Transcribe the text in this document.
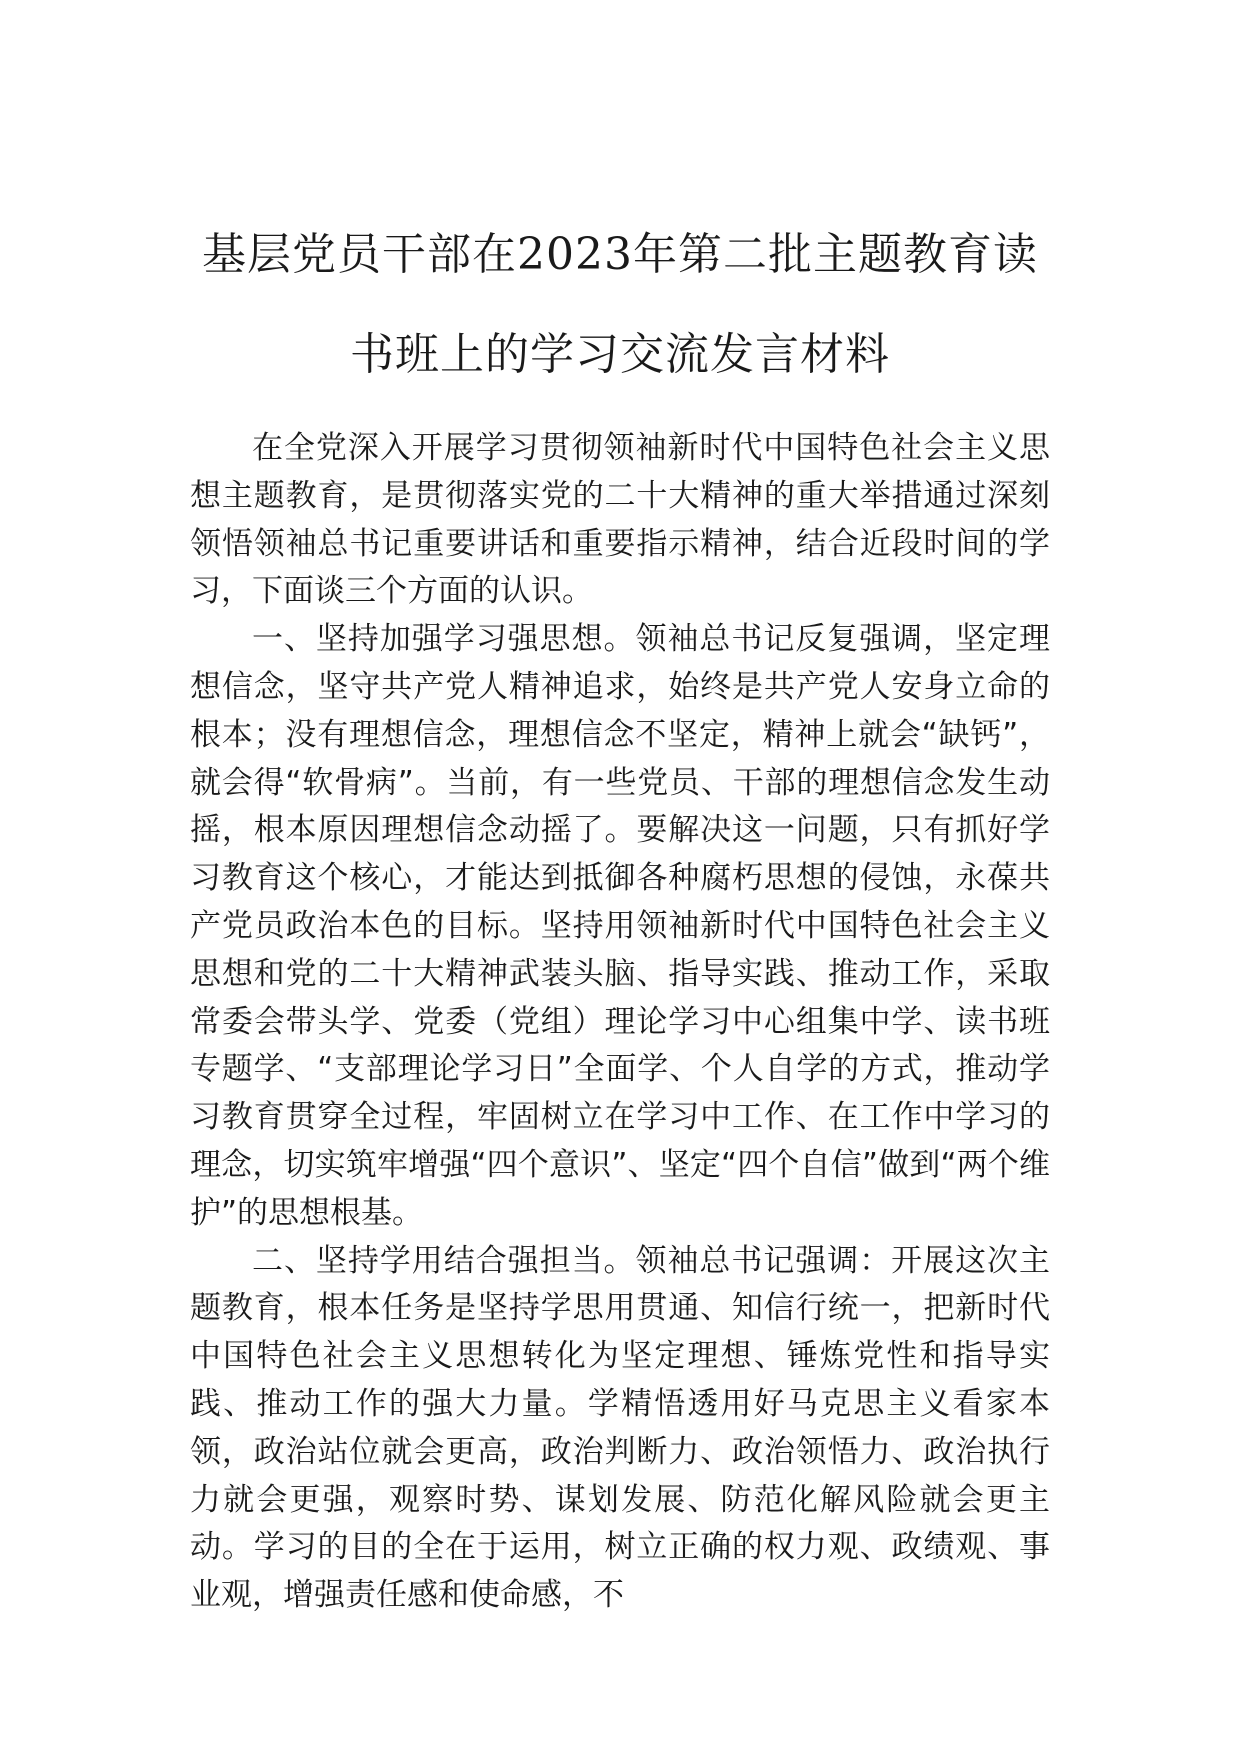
基层党员干部在2023年第二批主题教育读
书班上的学习交流发言材料

在全党深入开展学习贯彻领袖新时代中国特色社会主义思想主题教育，是贯彻落实党的二十大精神的重大举措通过深刻领悟领袖总书记重要讲话和重要指示精神，结合近段时间的学习，下面谈三个方面的认识。

一、坚持加强学习强思想。领袖总书记反复强调，坚定理想信念，坚守共产党人精神追求，始终是共产党人安身立命的根本；没有理想信念，理想信念不坚定，精神上就会“缺钙”，就会得“软骨病”。当前，有一些党员、干部的理想信念发生动摇，根本原因理想信念动摇了。要解决这一问题，只有抓好学习教育这个核心，才能达到抵御各种腐朽思想的侵蚀，永葆共产党员政治本色的目标。坚持用领袖新时代中国特色社会主义思想和党的二十大精神武装头脑、指导实践、推动工作，采取常委会带头学、党委（党组）理论学习中心组集中学、读书班专题学、“支部理论学习日”全面学、个人自学的方式，推动学习教育贯穿全过程，牢固树立在学习中工作、在工作中学习的理念，切实筑牢增强“四个意识”、坚定“四个自信”做到“两个维护”的思想根基。

二、坚持学用结合强担当。领袖总书记强调：开展这次主题教育，根本任务是坚持学思用贯通、知信行统一，把新时代中国特色社会主义思想转化为坚定理想、锤炼党性和指导实践、推动工作的强大力量。学精悟透用好马克思主义看家本领，政治站位就会更高，政治判断力、政治领悟力、政治执行力就会更强，观察时势、谋划发展、防范化解风险就会更主动。学习的目的全在于运用，树立正确的权力观、政绩观、事业观，增强责任感和使命感，不
